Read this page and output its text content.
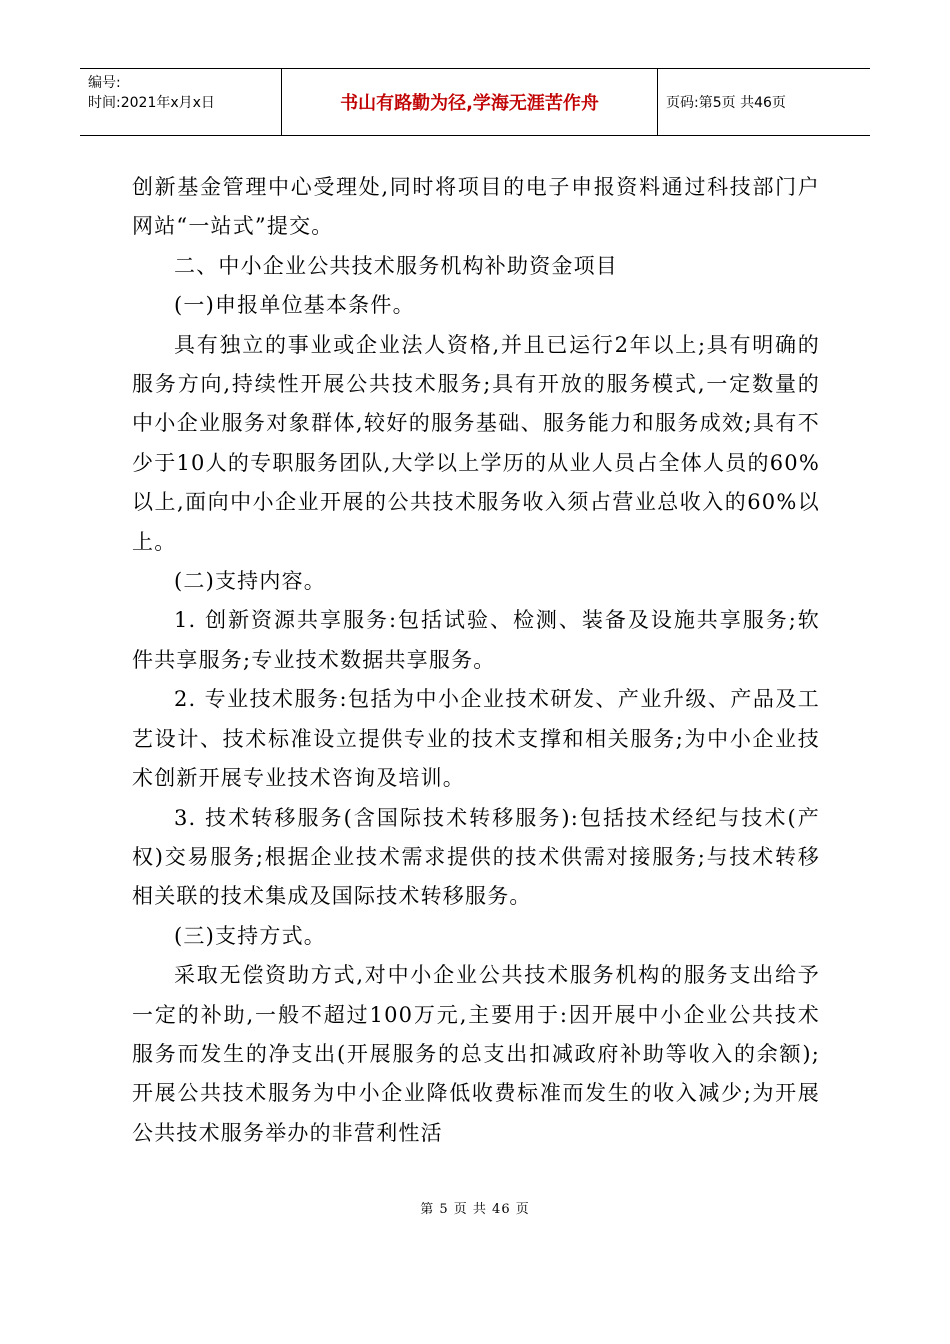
编号:
时间:2021年x月x日	书山有路勤为径,学海无涯苦作舟	页码:第5页 共46页

创新基金管理中心受理处,同时将项目的电子申报资料通过科技部门户网站“一站式”提交。

二、中小企业公共技术服务机构补助资金项目

(一)申报单位基本条件。

具有独立的事业或企业法人资格,并且已运行2年以上;具有明确的服务方向,持续性开展公共技术服务;具有开放的服务模式,一定数量的中小企业服务对象群体,较好的服务基础、服务能力和服务成效;具有不少于10人的专职服务团队,大学以上学历的从业人员占全体人员的60%以上,面向中小企业开展的公共技术服务收入须占营业总收入的60%以上。

(二)支持内容。

1. 创新资源共享服务:包括试验、检测、装备及设施共享服务;软件共享服务;专业技术数据共享服务。

2. 专业技术服务:包括为中小企业技术研发、产业升级、产品及工艺设计、技术标准设立提供专业的技术支撑和相关服务;为中小企业技术创新开展专业技术咨询及培训。

3. 技术转移服务(含国际技术转移服务):包括技术经纪与技术(产权)交易服务;根据企业技术需求提供的技术供需对接服务;与技术转移相关联的技术集成及国际技术转移服务。

(三)支持方式。

采取无偿资助方式,对中小企业公共技术服务机构的服务支出给予一定的补助,一般不超过100万元,主要用于:因开展中小企业公共技术服务而发生的净支出(开展服务的总支出扣减政府补助等收入的余额);开展公共技术服务为中小企业降低收费标准而发生的收入减少;为开展公共技术服务举办的非营利性活

第 5 页 共 46 页
